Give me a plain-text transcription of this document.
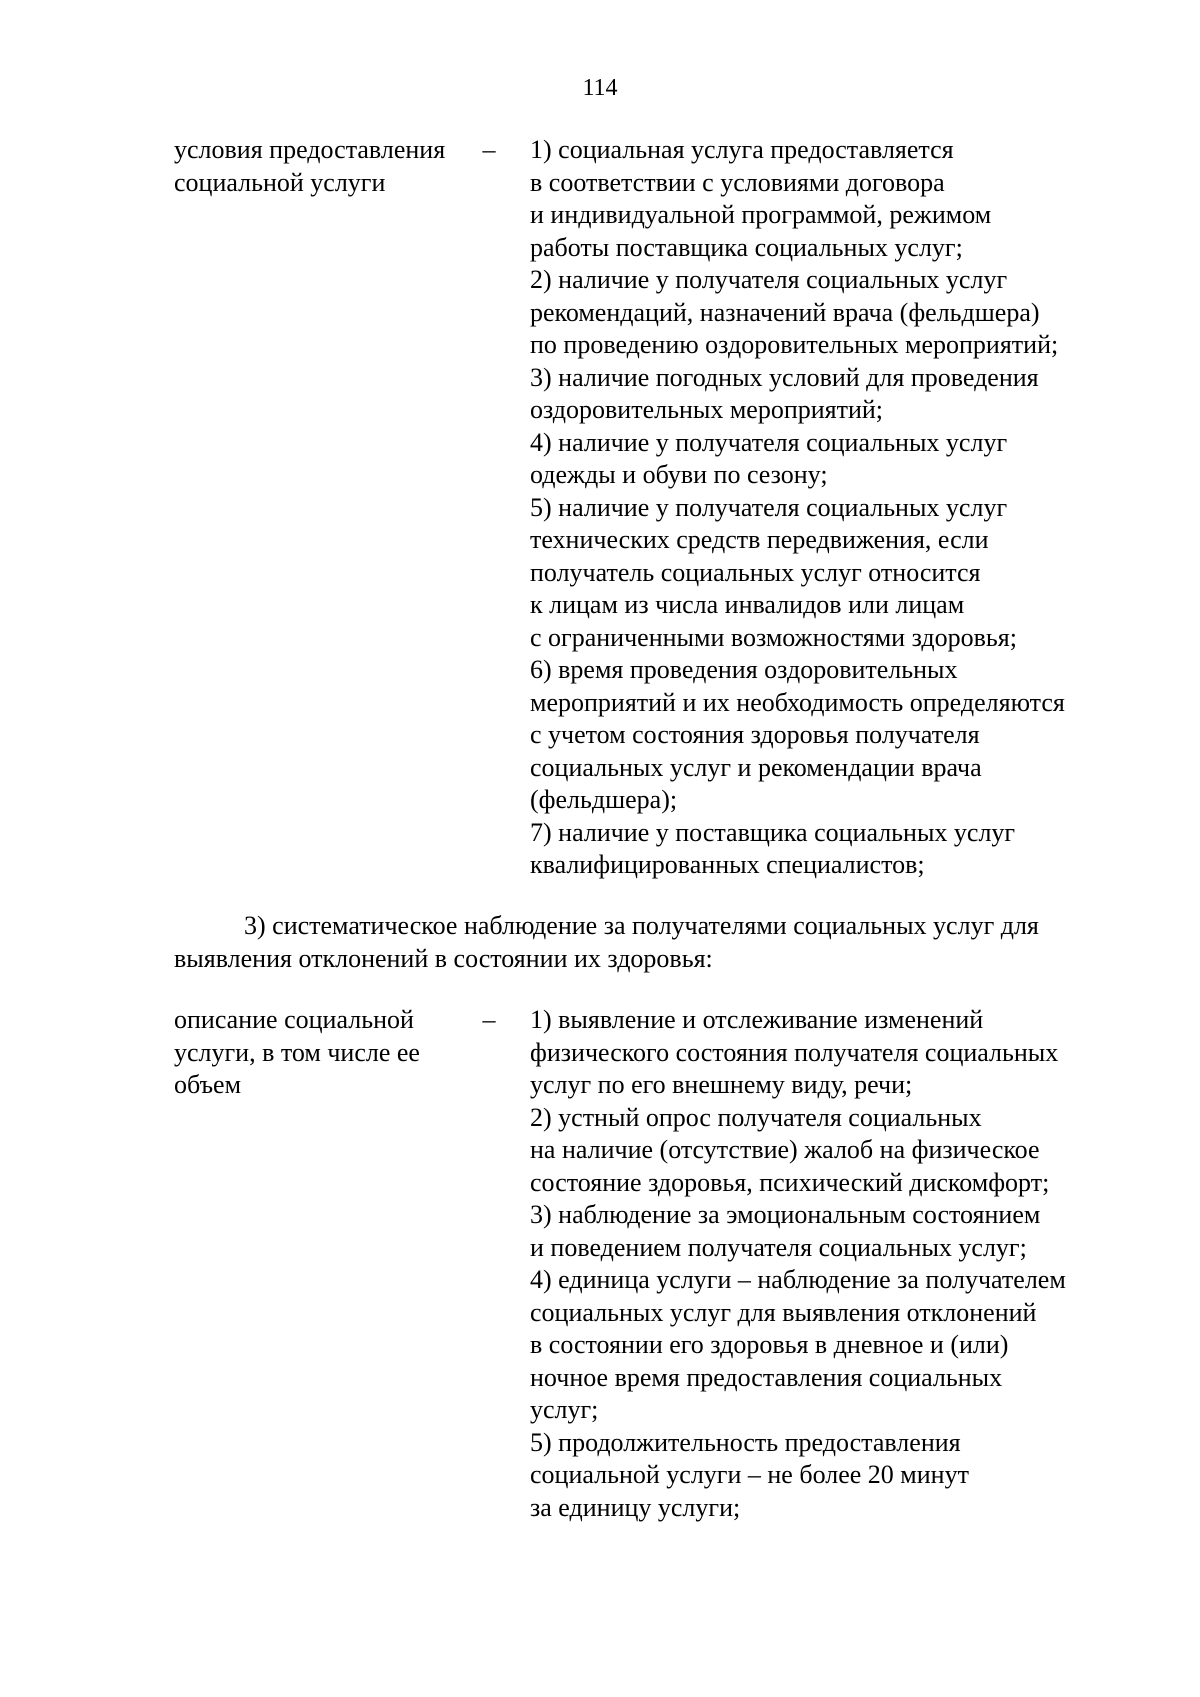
114
условия предоставления
социальной услуги
– 1) социальная услуга предоставляется
в соответствии с условиями договора
и индивидуальной программой, режимом
работы поставщика социальных услуг;
2) наличие у получателя социальных услуг
рекомендаций, назначений врача (фельдшера)
по проведению оздоровительных мероприятий;
3) наличие погодных условий для проведения
оздоровительных мероприятий;
4) наличие у получателя социальных услуг
одежды и обуви по сезону;
5) наличие у получателя социальных услуг
технических средств передвижения, если
получатель социальных услуг относится
к лицам из числа инвалидов или лицам
с ограниченными возможностями здоровья;
6) время проведения оздоровительных
мероприятий и их необходимость определяются
с учетом состояния здоровья получателя
социальных услуг и рекомендации врача
(фельдшера);
7) наличие у поставщика социальных услуг
квалифицированных специалистов;
3) систематическое наблюдение за получателями социальных услуг для
выявления отклонений в состоянии их здоровья:
описание социальной
услуги, в том числе ее
объем
– 1) выявление и отслеживание изменений
физического состояния получателя социальных
услуг по его внешнему виду, речи;
2) устный опрос получателя социальных
на наличие (отсутствие) жалоб на физическое
состояние здоровья, психический дискомфорт;
3) наблюдение за эмоциональным состоянием
и поведением получателя социальных услуг;
4) единица услуги – наблюдение за получателем
социальных услуг для выявления отклонений
в состоянии его здоровья в дневное и (или)
ночное время предоставления социальных
услуг;
5) продолжительность предоставления
социальной услуги – не более 20 минут
за единицу услуги;
